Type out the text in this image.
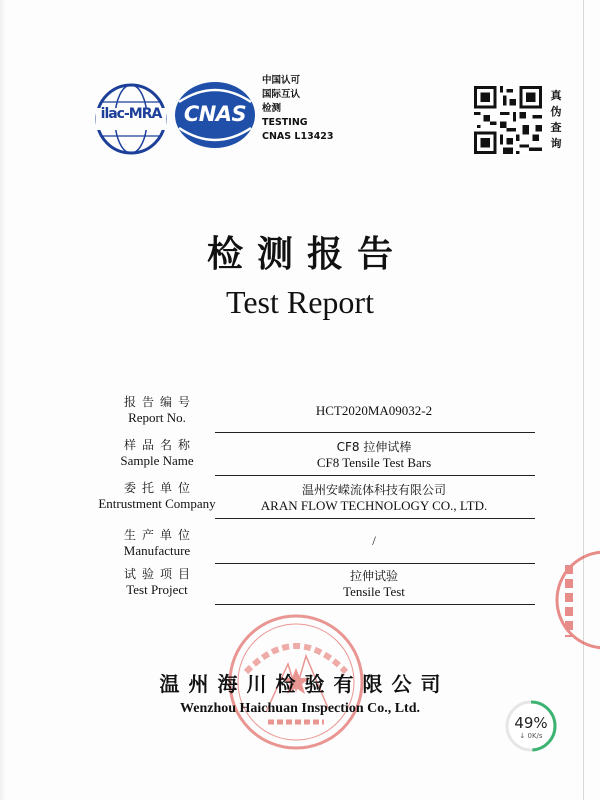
ilac-MRA	CNAS
中国认可
国际互认
检测
TESTING
CNAS L13423
真
伪
查
询
检测报告
Test Report
报告编号
Report No.	HCT2020MA09032-2
样品名称
Sample Name
CF8 拉伸试棒
CF8 Tensile Test Bars
委托单位
Entrustment Company
温州安嵘流体科技有限公司
ARAN FLOW TECHNOLOGY CO., LTD.
生产单位
Manufacture
/
试验项目
Test Project
拉伸试验
Tensile Test
温州海川检验有限公司
Wenzhou Haichuan Inspection Co., Ltd.
49%
↓ 0K/s
